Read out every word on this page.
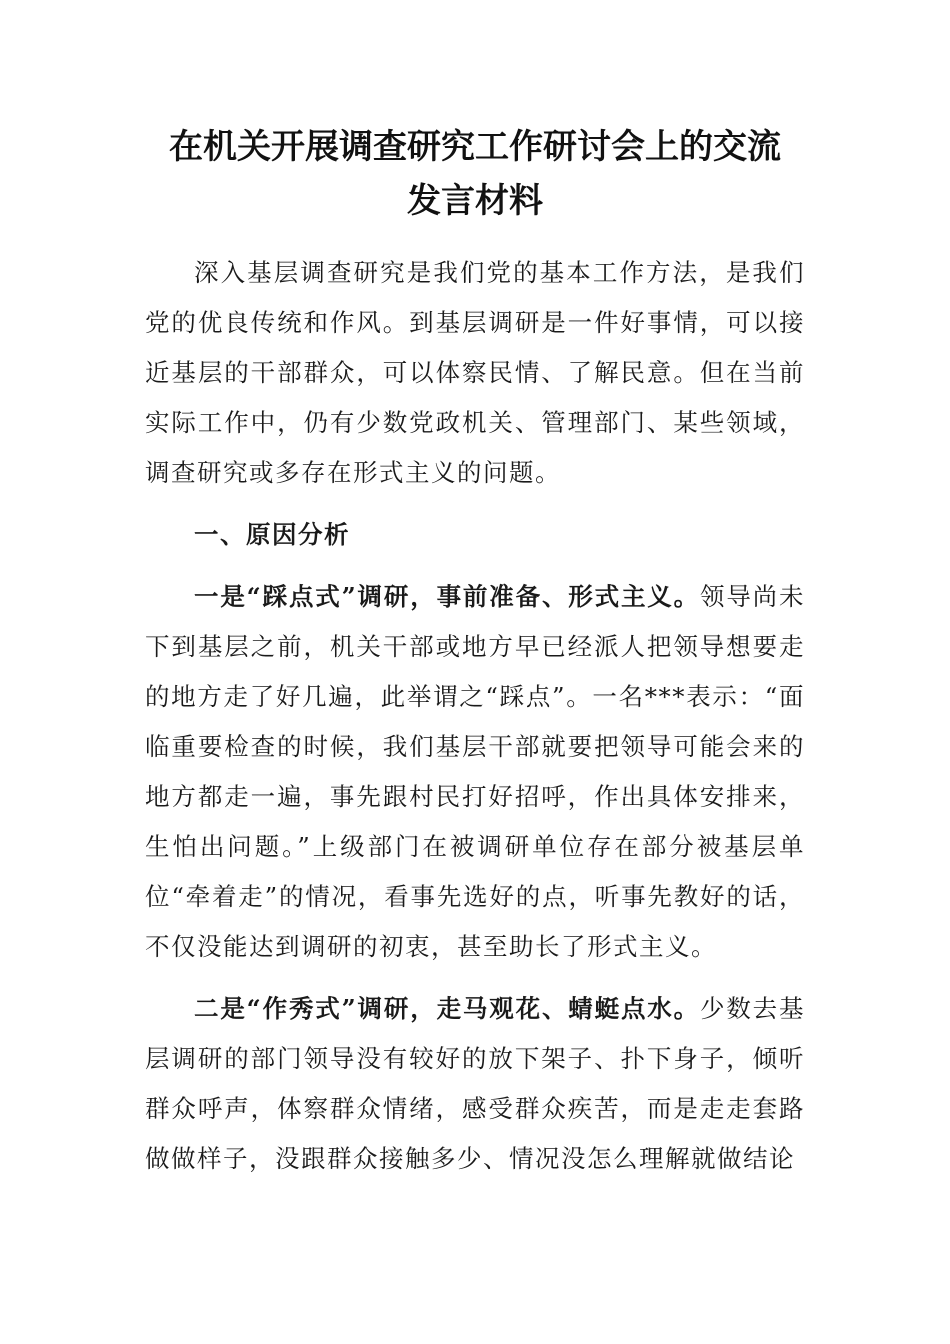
在机关开展调查研究工作研讨会上的交流
发言材料

深入基层调查研究是我们党的基本工作方法，是我们党的优良传统和作风。到基层调研是一件好事情，可以接近基层的干部群众，可以体察民情、了解民意。但在当前实际工作中，仍有少数党政机关、管理部门、某些领域，调查研究或多存在形式主义的问题。

一、原因分析

一是“踩点式”调研，事前准备、形式主义。领导尚未下到基层之前，机关干部或地方早已经派人把领导想要走的地方走了好几遍，此举谓之“踩点”。一名***表示：“面临重要检查的时候，我们基层干部就要把领导可能会来的地方都走一遍，事先跟村民打好招呼，作出具体安排来，生怕出问题。”上级部门在被调研单位存在部分被基层单位“牵着走”的情况，看事先选好的点，听事先教好的话，不仅没能达到调研的初衷，甚至助长了形式主义。

二是“作秀式”调研，走马观花、蜻蜓点水。少数去基层调研的部门领导没有较好的放下架子、扑下身子，倾听群众呼声，体察群众情绪，感受群众疾苦，而是走走套路做做样子，没跟群众接触多少、情况没怎么理解就做结论
